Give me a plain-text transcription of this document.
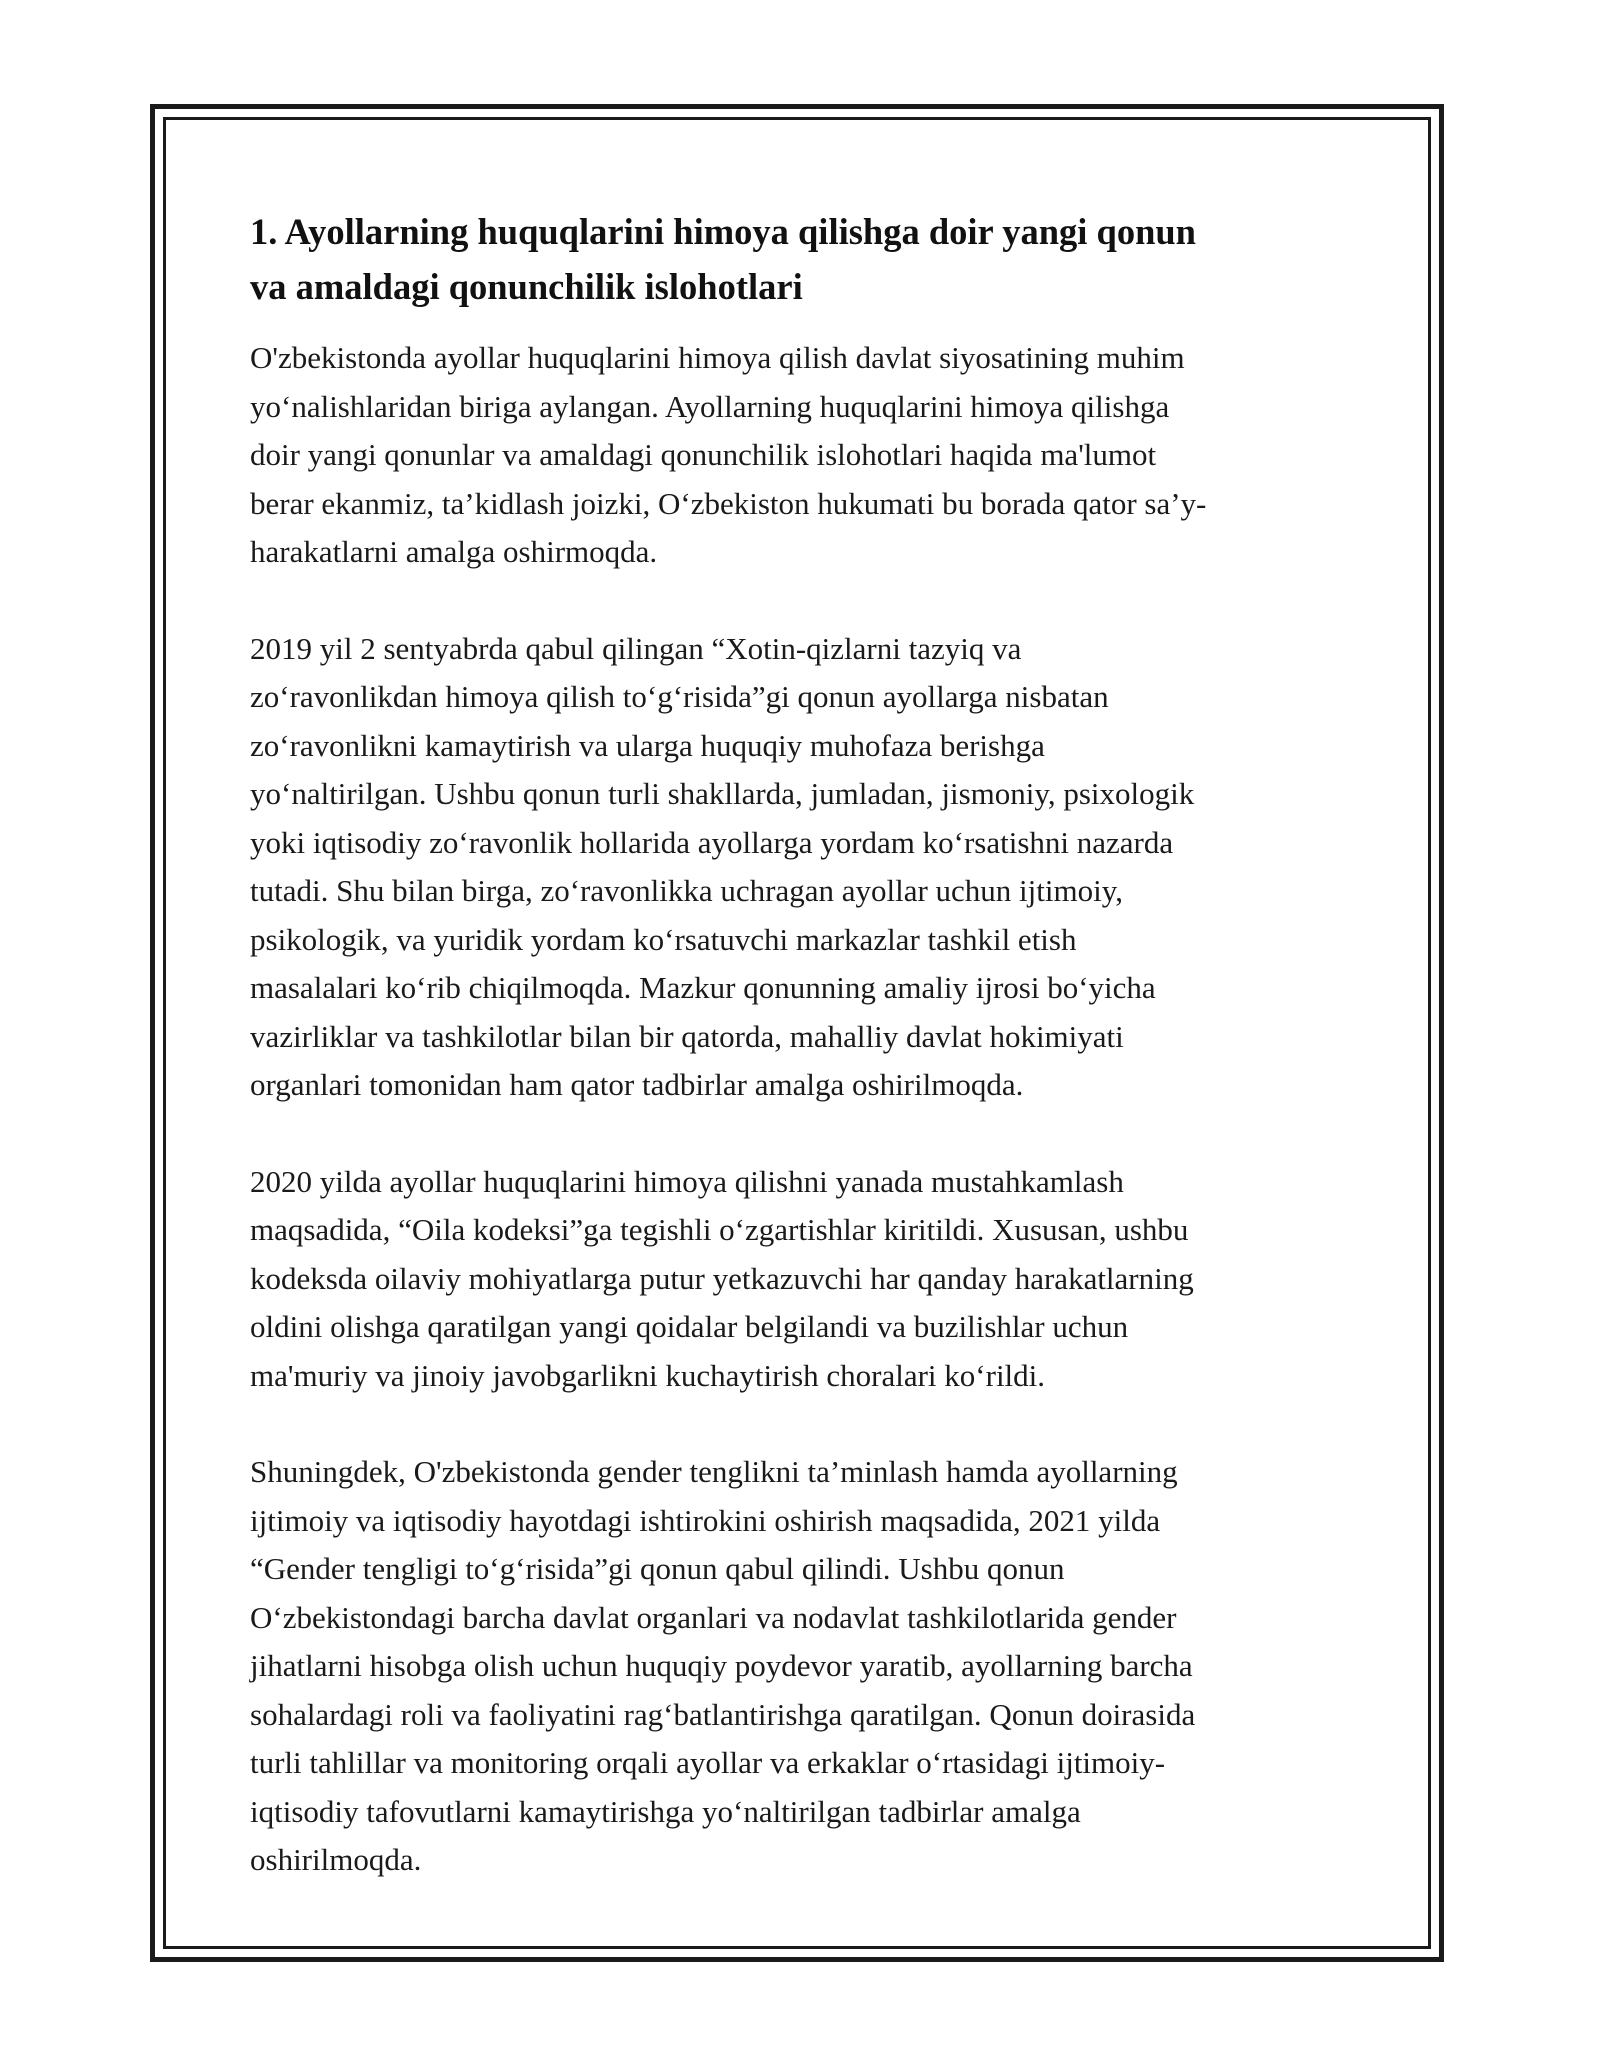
1. Ayollarning huquqlarini himoya qilishga doir yangi qonun
va amaldagi qonunchilik islohotlari

O'zbekistonda ayollar huquqlarini himoya qilish davlat siyosatining muhim
yo‘nalishlaridan biriga aylangan. Ayollarning huquqlarini himoya qilishga
doir yangi qonunlar va amaldagi qonunchilik islohotlari haqida ma'lumot
berar ekanmiz, ta’kidlash joizki, O‘zbekiston hukumati bu borada qator sa’y-
harakatlarni amalga oshirmoqda.

2019 yil 2 sentyabrda qabul qilingan “Xotin-qizlarni tazyiq va
zo‘ravonlikdan himoya qilish to‘g‘risida”gi qonun ayollarga nisbatan
zo‘ravonlikni kamaytirish va ularga huquqiy muhofaza berishga
yo‘naltirilgan. Ushbu qonun turli shakllarda, jumladan, jismoniy, psixologik
yoki iqtisodiy zo‘ravonlik hollarida ayollarga yordam ko‘rsatishni nazarda
tutadi. Shu bilan birga, zo‘ravonlikka uchragan ayollar uchun ijtimoiy,
psikologik, va yuridik yordam ko‘rsatuvchi markazlar tashkil etish
masalalari ko‘rib chiqilmoqda. Mazkur qonunning amaliy ijrosi bo‘yicha
vazirliklar va tashkilotlar bilan bir qatorda, mahalliy davlat hokimiyati
organlari tomonidan ham qator tadbirlar amalga oshirilmoqda.

2020 yilda ayollar huquqlarini himoya qilishni yanada mustahkamlash
maqsadida, “Oila kodeksi”ga tegishli o‘zgartishlar kiritildi. Xususan, ushbu
kodeksda oilaviy mohiyatlarga putur yetkazuvchi har qanday harakatlarning
oldini olishga qaratilgan yangi qoidalar belgilandi va buzilishlar uchun
ma'muriy va jinoiy javobgarlikni kuchaytirish choralari ko‘rildi.

Shuningdek, O'zbekistonda gender tenglikni ta’minlash hamda ayollarning
ijtimoiy va iqtisodiy hayotdagi ishtirokini oshirish maqsadida, 2021 yilda
“Gender tengligi to‘g‘risida”gi qonun qabul qilindi. Ushbu qonun
O‘zbekistondagi barcha davlat organlari va nodavlat tashkilotlarida gender
jihatlarni hisobga olish uchun huquqiy poydevor yaratib, ayollarning barcha
sohalardagi roli va faoliyatini rag‘batlantirishga qaratilgan. Qonun doirasida
turli tahlillar va monitoring orqali ayollar va erkaklar o‘rtasidagi ijtimoiy-
iqtisodiy tafovutlarni kamaytirishga yo‘naltirilgan tadbirlar amalga
oshirilmoqda.
